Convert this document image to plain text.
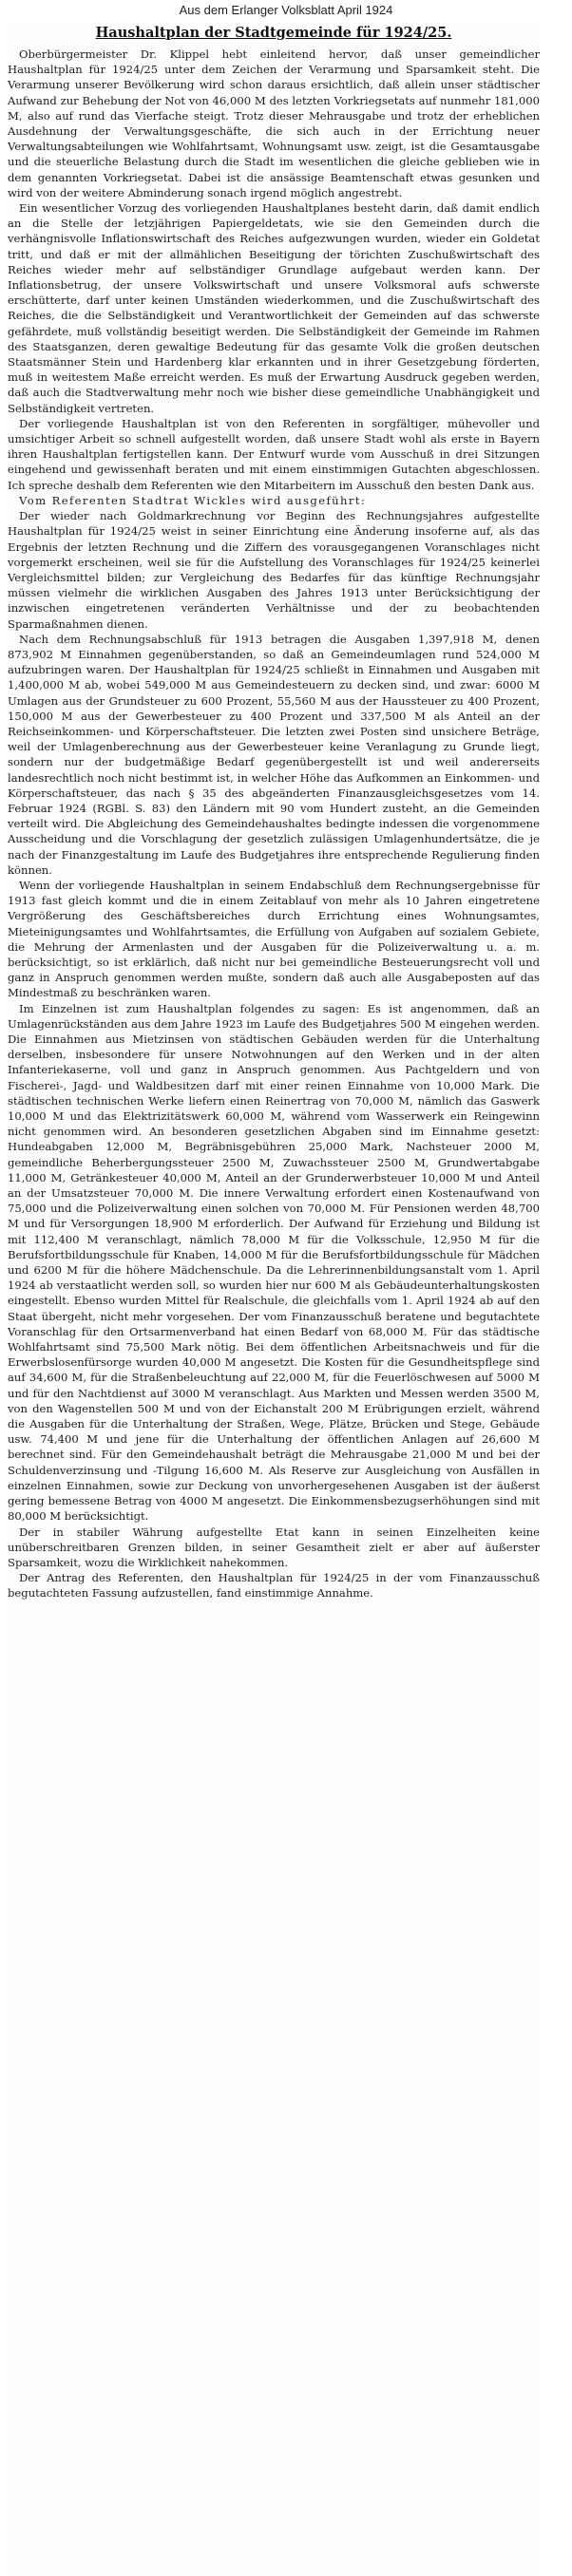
Aus dem Erlanger Volksblatt April 1924
Haushaltplan der Stadtgemeinde für 1924/25.

Oberbürgermeister Dr. Klippel hebt einleitend hervor, daß unser gemeindlicher Haushaltplan für 1924/25 unter dem Zeichen der Verarmung und Sparsamkeit steht. Die Verarmung unserer Bevölkerung wird schon daraus ersichtlich, daß allein unser städtischer Aufwand zur Behebung der Not von 46,000 M des letzten Vorkriegsetats auf nunmehr 181,000 M, also auf rund das Vierfache steigt. Trotz dieser Mehrausgabe und trotz der erheblichen Ausdehnung der Verwaltungsgeschäfte, die sich auch in der Errichtung neuer Verwaltungsabteilungen wie Wohlfahrtsamt, Wohnungsamt usw. zeigt, ist die Gesamtausgabe und die steuerliche Belastung durch die Stadt im wesentlichen die gleiche geblieben wie in dem genannten Vorkriegsetat. Dabei ist die ansässige Beamtenschaft etwas gesunken und wird von der weitere Abminderung sonach irgend möglich angestrebt.

Ein wesentlicher Vorzug des vorliegenden Haushaltplanes besteht darin, daß damit endlich an die Stelle der letzjährigen Papiergeldetats, wie sie den Gemeinden durch die verhängnisvolle Inflationswirtschaft des Reiches aufgezwungen wurden, wieder ein Goldetat tritt, und daß er mit der allmählichen Beseitigung der törichten Zuschußwirtschaft des Reiches wieder mehr auf selbständiger Grundlage aufgebaut werden kann. Der Inflationsbetrug, der unsere Volkswirtschaft und unsere Volksmoral aufs schwerste erschütterte, darf unter keinen Umständen wiederkommen, und die Zuschußwirtschaft des Reiches, die die Selbständigkeit und Verantwortlichkeit der Gemeinden auf das schwerste gefährdete, muß vollständig beseitigt werden. Die Selbständigkeit der Gemeinde im Rahmen des Staatsganzen, deren gewaltige Bedeutung für das gesamte Volk die großen deutschen Staatsmänner Stein und Hardenberg klar erkannten und in ihrer Gesetzgebung förderten, muß in weitestem Maße erreicht werden. Es muß der Erwartung Ausdruck gegeben werden, daß auch die Stadtverwaltung mehr noch wie bisher diese gemeindliche Unabhängigkeit und Selbständigkeit vertreten.

Der vorliegende Haushaltplan ist von den Referenten in sorgfältiger, mühevoller und umsichtiger Arbeit so schnell aufgestellt worden, daß unsere Stadt wohl als erste in Bayern ihren Haushaltplan fertigstellen kann. Der Entwurf wurde vom Ausschuß in drei Sitzungen eingehend und gewissenhaft beraten und mit einem einstimmigen Gutachten abgeschlossen. Ich spreche deshalb dem Referenten wie den Mitarbeitern im Ausschuß den besten Dank aus.

Vom Referenten Stadtrat Wickles wird ausgeführt:

Der wieder nach Goldmarkrechnung vor Beginn des Rechnungsjahres aufgestellte Haushaltplan für 1924/25 weist in seiner Einrichtung eine Änderung insoferne auf, als das Ergebnis der letzten Rechnung und die Ziffern des vorausgegangenen Voranschlages nicht vorgemerkt erscheinen, weil sie für die Aufstellung des Voranschlages für 1924/25 keinerlei Vergleichsmittel bilden; zur Vergleichung des Bedarfes für das künftige Rechnungsjahr müssen vielmehr die wirklichen Ausgaben des Jahres 1913 unter Berücksichtigung der inzwischen eingetretenen veränderten Verhältnisse und der zu beobachtenden Sparmaßnahmen dienen.

Nach dem Rechnungsabschluß für 1913 betragen die Ausgaben 1,397,918 M, denen 873,902 M Einnahmen gegenüberstanden, so daß an Gemeindeumlagen rund 524,000 M aufzubringen waren. Der Haushaltplan für 1924/25 schließt in Einnahmen und Ausgaben mit 1,400,000 M ab, wobei 549,000 M aus Gemeindesteuern zu decken sind, und zwar: 6000 M Umlagen aus der Grundsteuer zu 600 Prozent, 55,560 M aus der Haussteuer zu 400 Prozent, 150,000 M aus der Gewerbesteuer zu 400 Prozent und 337,500 M als Anteil an der Reichseinkommen- und Körperschaftsteuer. Die letzten zwei Posten sind unsichere Beträge, weil der Umlagenberechnung aus der Gewerbesteuer keine Veranlagung zu Grunde liegt, sondern nur der budgetmäßige Bedarf gegenübergestellt ist und weil andererseits landesrechtlich noch nicht bestimmt ist, in welcher Höhe das Aufkommen an Einkommen- und Körperschaftsteuer, das nach § 35 des abgeänderten Finanzausgleichsgesetzes vom 14. Februar 1924 (RGBl. S. 83) den Ländern mit 90 vom Hundert zusteht, an die Gemeinden verteilt wird. Die Abgleichung des Gemeindehaushaltes bedingte indessen die vorgenommene Ausscheidung und die Vorschlagung der gesetzlich zulässigen Umlagenhundertsätze, die je nach der Finanzgestaltung im Laufe des Budgetjahres ihre entsprechende Regulierung finden können.

Wenn der vorliegende Haushaltplan in seinem Endabschluß dem Rechnungsergebnisse für 1913 fast gleich kommt und die in einem Zeitablauf von mehr als 10 Jahren eingetretene Vergrößerung des Geschäftsbereiches durch Errichtung eines Wohnungsamtes, Mieteinigungsamtes und Wohlfahrtsamtes, die Erfüllung von Aufgaben auf sozialem Gebiete, die Mehrung der Armenlasten und der Ausgaben für die Polizeiverwaltung u. a. m. berücksichtigt, so ist erklärlich, daß nicht nur bei gemeindliche Besteuerungsrecht voll und ganz in Anspruch genommen werden mußte, sondern daß auch alle Ausgabeposten auf das Mindestmaß zu beschränken waren.

Im Einzelnen ist zum Haushaltplan folgendes zu sagen: Es ist angenommen, daß an Umlagenrückständen aus dem Jahre 1923 im Laufe des Budgetjahres 500 M eingehen werden. Die Einnahmen aus Mietzinsen von städtischen Gebäuden werden für die Unterhaltung derselben, insbesondere für unsere Notwohnungen auf den Werken und in der alten Infanteriekaserne, voll und ganz in Anspruch genommen. Aus Pachtgeldern und von Fischerei-, Jagd- und Waldbesitzen darf mit einer reinen Einnahme von 10,000 Mark. Die städtischen technischen Werke liefern einen Reinertrag von 70,000 M, nämlich das Gaswerk 10,000 M und das Elektrizitätswerk 60,000 M, während vom Wasserwerk ein Reingewinn nicht genommen wird. An besonderen gesetzlichen Abgaben sind im Einnahme gesetzt: Hundeabgaben 12,000 M, Begräbnisgebühren 25,000 Mark, Nachsteuer 2000 M, gemeindliche Beherbergungssteuer 2500 M, Zuwachssteuer 2500 M, Grundwertabgabe 11,000 M, Getränkesteuer 40,000 M, Anteil an der Grunderwerbsteuer 10,000 M und Anteil an der Umsatzsteuer 70,000 M. Die innere Verwaltung erfordert einen Kostenaufwand von 75,000 und die Polizeiverwaltung einen solchen von 70,000 M. Für Pensionen werden 48,700 M und für Versorgungen 18,900 M erforderlich. Der Aufwand für Erziehung und Bildung ist mit 112,400 M veranschlagt, nämlich 78,000 M für die Volksschule, 12,950 M für die Berufsfortbildungsschule für Knaben, 14,000 M für die Berufsfortbildungsschule für Mädchen und 6200 M für die höhere Mädchenschule. Da die Lehrerinnenbildungsanstalt vom 1. April 1924 ab verstaatlicht werden soll, so wurden hier nur 600 M als Gebäudeunterhaltungskosten eingestellt. Ebenso wurden Mittel für Realschule, die gleichfalls vom 1. April 1924 ab auf den Staat übergeht, nicht mehr vorgesehen. Der vom Finanzausschuß beratene und begutachtete Voranschlag für den Ortsarmenverband hat einen Bedarf von 68,000 M. Für das städtische Wohlfahrtsamt sind 75,500 Mark nötig. Bei dem öffentlichen Arbeitsnachweis und für die Erwerbslosenfürsorge wurden 40,000 M angesetzt. Die Kosten für die Gesundheitspflege sind auf 34,600 M, für die Straßenbeleuchtung auf 22,000 M, für die Feuerlöschwesen auf 5000 M und für den Nachtdienst auf 3000 M veranschlagt. Aus Markten und Messen werden 3500 M, von den Wagenstellen 500 M und von der Eichanstalt 200 M Erübrigungen erzielt, während die Ausgaben für die Unterhaltung der Straßen, Wege, Plätze, Brücken und Stege, Gebäude usw. 74,400 M und jene für die Unterhaltung der öffentlichen Anlagen auf 26,600 M berechnet sind. Für den Gemeindehaushalt beträgt die Mehrausgabe 21,000 M und bei der Schuldenverzinsung und -Tilgung 16,600 M. Als Reserve zur Ausgleichung von Ausfällen in einzelnen Einnahmen, sowie zur Deckung von unvorhergesehenen Ausgaben ist der äußerst gering bemessene Betrag von 4000 M angesetzt. Die Einkommensbezugserhöhungen sind mit 80,000 M berücksichtigt.

Der in stabiler Währung aufgestellte Etat kann in seinen Einzelheiten keine unüberschreitbaren Grenzen bilden, in seiner Gesamtheit zielt er aber auf äußerster Sparsamkeit, wozu die Wirklichkeit nahekommen.

Der Antrag des Referenten, den Haushaltplan für 1924/25 in der vom Finanzausschuß begutachteten Fassung aufzustellen, fand einstimmige Annahme.
